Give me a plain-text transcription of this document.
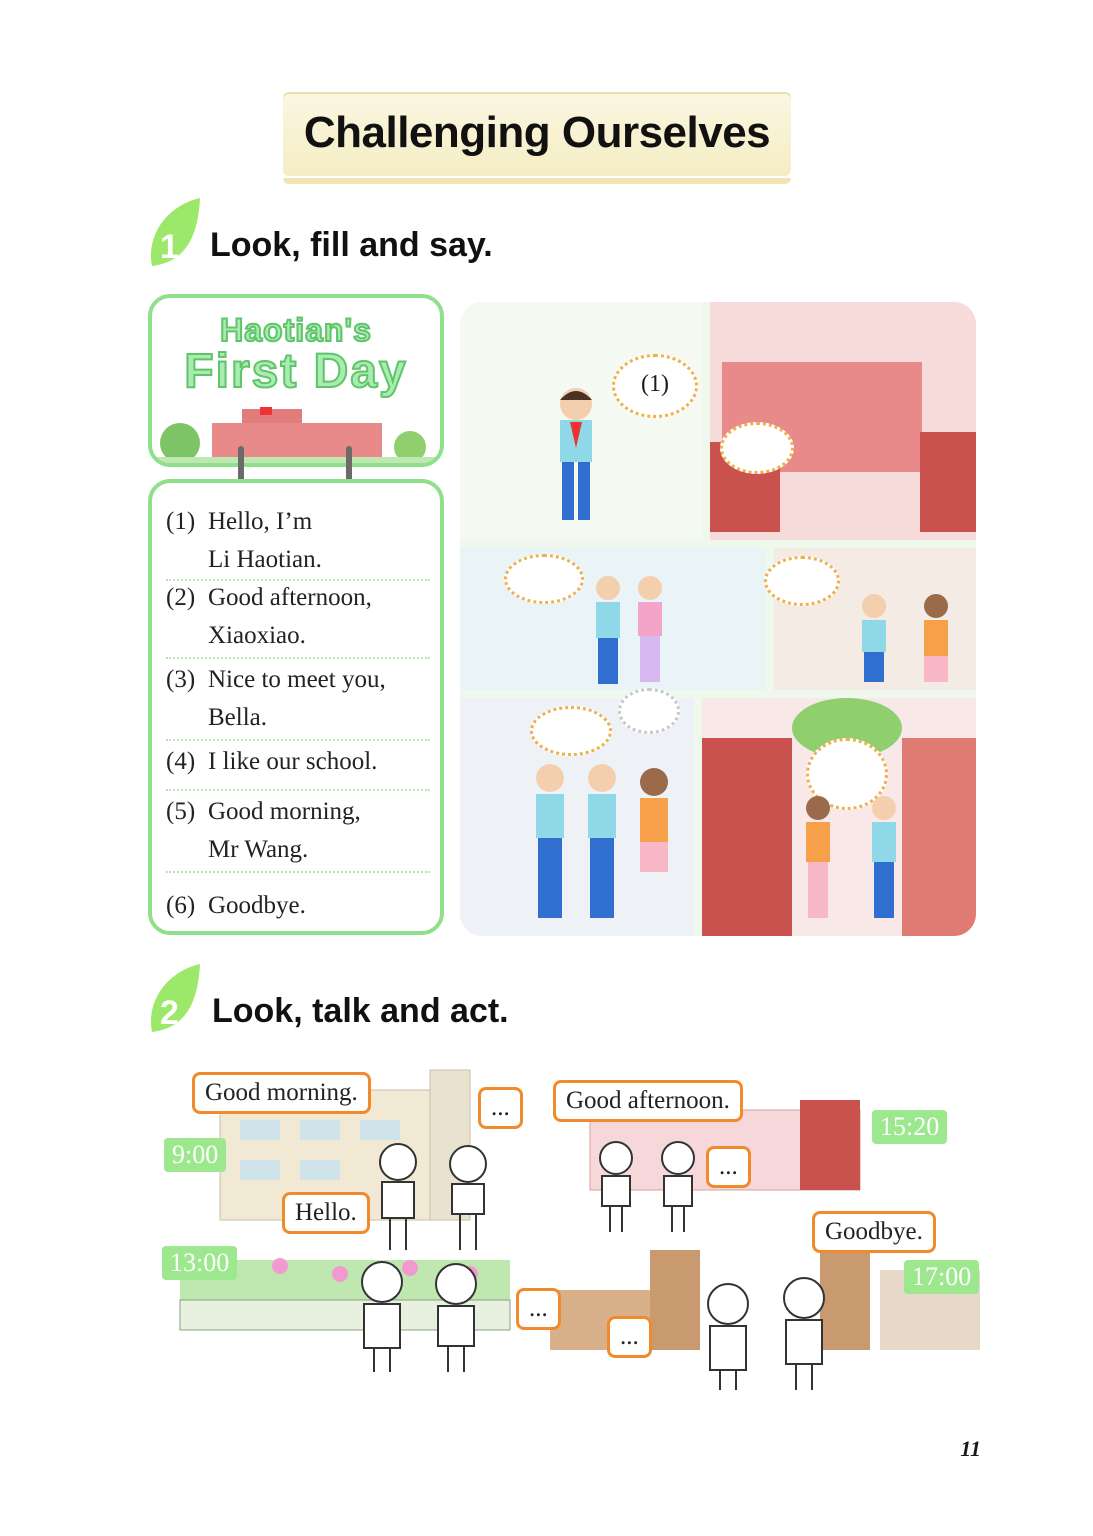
Challenging Ourselves
1 Look, fill and say.
Haotian's
First Day
(1) Hello, I’m
Li Haotian.
(2) Good afternoon,
Xiaoxiao.
(3) Nice to meet you,
Bella.
(4) I like our school.
(5) Good morning,
Mr Wang.
(6) Goodbye.
(1)
2 Look, talk and act.
Good morning.
...
9:00
Good afternoon.
...
15:20
Hello.
...
13:00
Goodbye.
...
17:00
11
